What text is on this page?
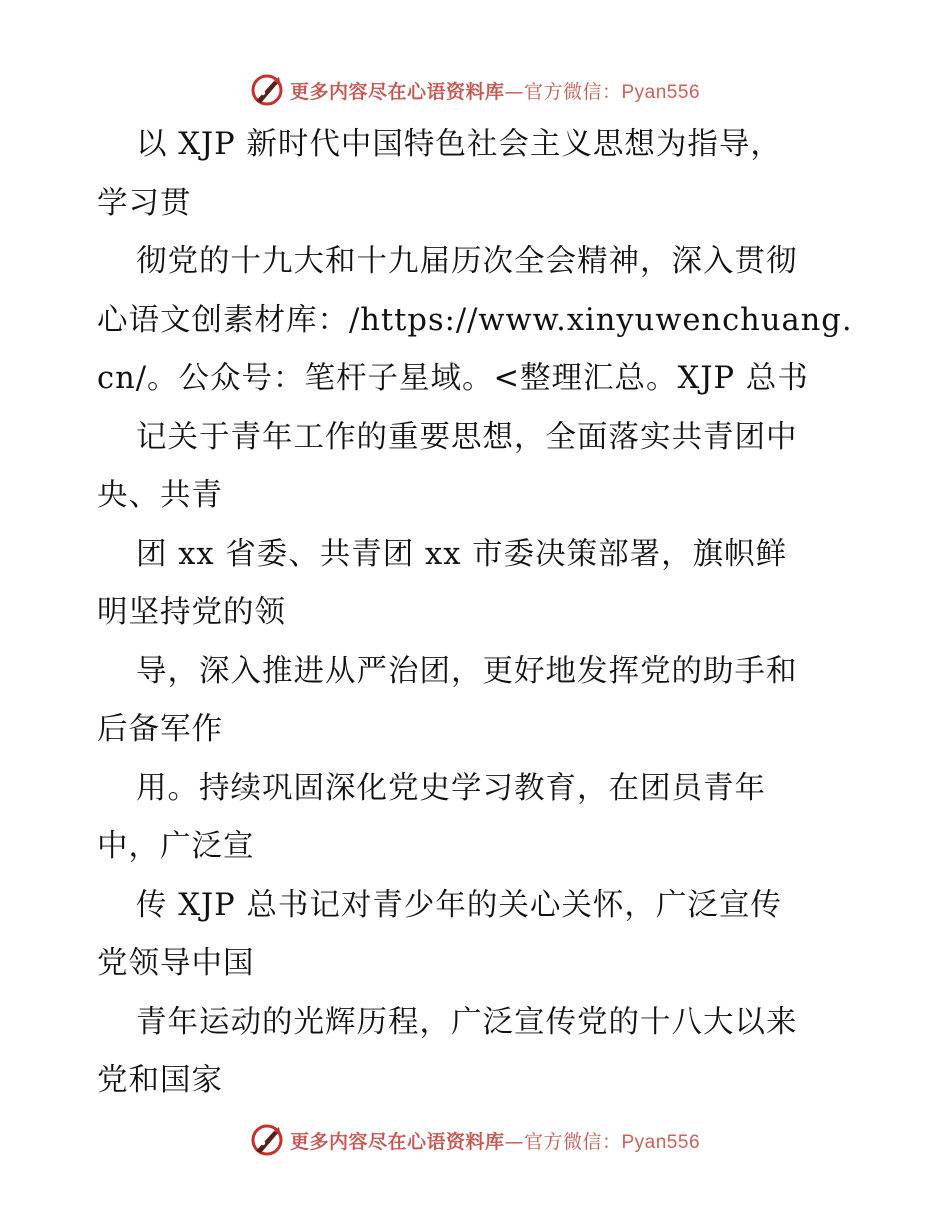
更多内容尽在心语资料库—官方微信：Pyan556
以 XJP 新时代中国特色社会主义思想为指导，
学习贯
彻党的十九大和十九届历次全会精神，深入贯彻
心语文创素材库：/https://www.xinyuwenchuang.
cn/。公众号：笔杆子星域。<整理汇总。XJP 总书
记关于青年工作的重要思想，全面落实共青团中
央、共青
团 xx 省委、共青团 xx 市委决策部署，旗帜鲜
明坚持党的领
导，深入推进从严治团，更好地发挥党的助手和
后备军作
用。持续巩固深化党史学习教育，在团员青年
中，广泛宣
传 XJP 总书记对青少年的关心关怀，广泛宣传
党领导中国
青年运动的光辉历程，广泛宣传党的十八大以来
党和国家
更多内容尽在心语资料库—官方微信：Pyan556
